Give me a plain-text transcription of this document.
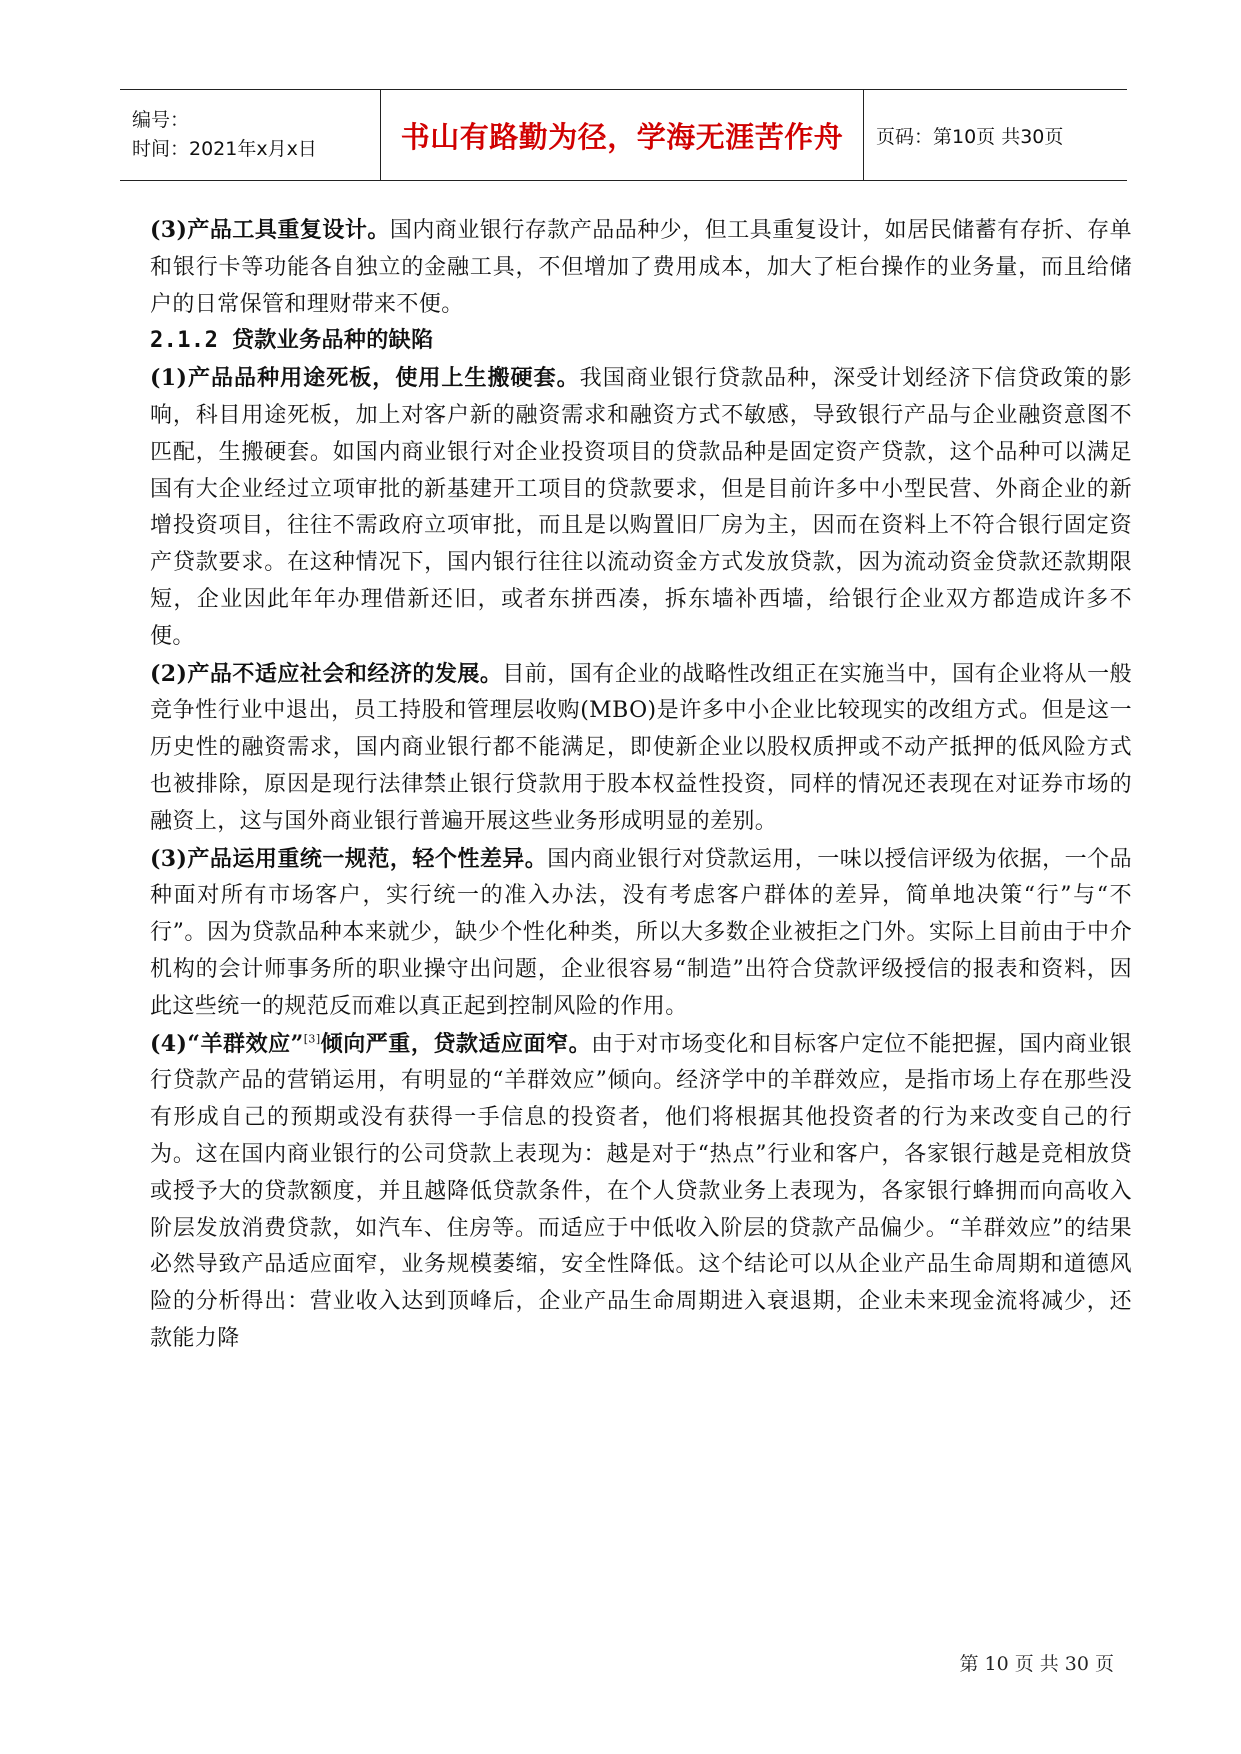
编号：
时间：2021年x月x日	书山有路勤为径，学海无涯苦作舟 页码：第10页 共30页

(3)产品工具重复设计。国内商业银行存款产品品种少，但工具重复设计，如居民储蓄有存折、存单和银行卡等功能各自独立的金融工具，不但增加了费用成本，加大了柜台操作的业务量，而且给储户的日常保管和理财带来不便。

2.1.2 贷款业务品种的缺陷

(1)产品品种用途死板，使用上生搬硬套。我国商业银行贷款品种，深受计划经济下信贷政策的影响，科目用途死板，加上对客户新的融资需求和融资方式不敏感，导致银行产品与企业融资意图不匹配，生搬硬套。如国内商业银行对企业投资项目的贷款品种是固定资产贷款，这个品种可以满足国有大企业经过立项审批的新基建开工项目的贷款要求，但是目前许多中小型民营、外商企业的新增投资项目，往往不需政府立项审批，而且是以购置旧厂房为主，因而在资料上不符合银行固定资产贷款要求。在这种情况下，国内银行往往以流动资金方式发放贷款，因为流动资金贷款还款期限短，企业因此年年办理借新还旧，或者东拼西凑，拆东墙补西墙，给银行企业双方都造成许多不便。

(2)产品不适应社会和经济的发展。目前，国有企业的战略性改组正在实施当中，国有企业将从一般竞争性行业中退出，员工持股和管理层收购(MBO)是许多中小企业比较现实的改组方式。但是这一历史性的融资需求，国内商业银行都不能满足，即使新企业以股权质押或不动产抵押的低风险方式也被排除，原因是现行法律禁止银行贷款用于股本权益性投资，同样的情况还表现在对证券市场的融资上，这与国外商业银行普遍开展这些业务形成明显的差别。

(3)产品运用重统一规范，轻个性差异。国内商业银行对贷款运用，一味以授信评级为依据，一个品种面对所有市场客户，实行统一的准入办法，没有考虑客户群体的差异，简单地决策“行”与“不行”。因为贷款品种本来就少，缺少个性化种类，所以大多数企业被拒之门外。实际上目前由于中介机构的会计师事务所的职业操守出问题，企业很容易“制造”出符合贷款评级授信的报表和资料，因此这些统一的规范反而难以真正起到控制风险的作用。

(4)“羊群效应”[3]倾向严重，贷款适应面窄。由于对市场变化和目标客户定位不能把握，国内商业银行贷款产品的营销运用，有明显的“羊群效应”倾向。经济学中的羊群效应，是指市场上存在那些没有形成自己的预期或没有获得一手信息的投资者，他们将根据其他投资者的行为来改变自己的行为。这在国内商业银行的公司贷款上表现为：越是对于“热点”行业和客户，各家银行越是竞相放贷或授予大的贷款额度，并且越降低贷款条件，在个人贷款业务上表现为，各家银行蜂拥而向高收入阶层发放消费贷款，如汽车、住房等。而适应于中低收入阶层的贷款产品偏少。“羊群效应”的结果必然导致产品适应面窄，业务规模萎缩，安全性降低。这个结论可以从企业产品生命周期和道德风险的分析得出：营业收入达到顶峰后，企业产品生命周期进入衰退期，企业未来现金流将减少，还款能力降

第 10 页 共 30 页
